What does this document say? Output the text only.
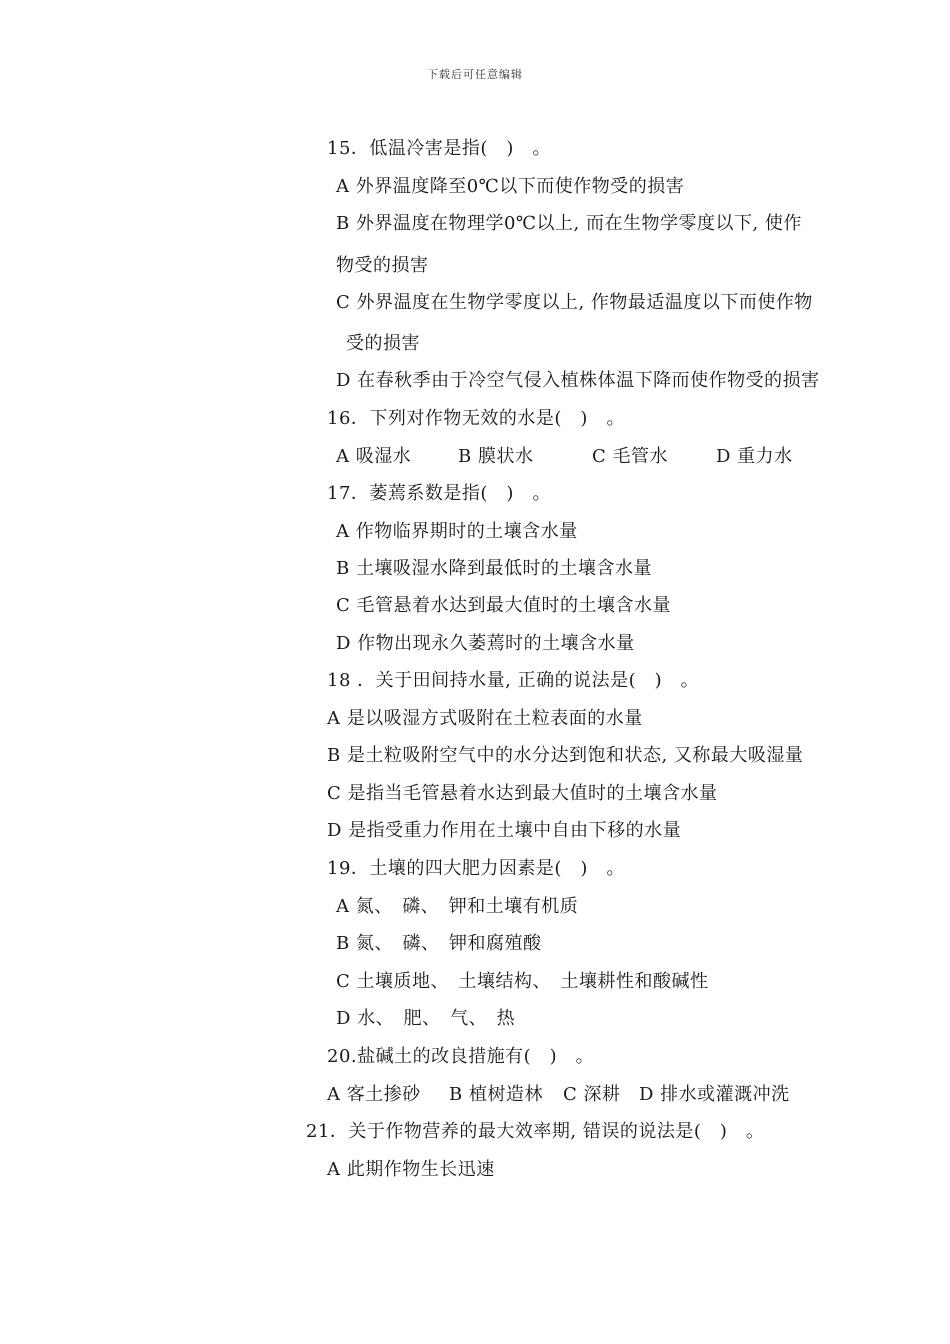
下载后可任意编辑
15．低温冷害是指(　)　。
A 外界温度降至0℃以下而使作物受的损害
B 外界温度在物理学0℃以上, 而在生物学零度以下, 使作
物受的损害
C 外界温度在生物学零度以上, 作物最适温度以下而使作物
受的损害
D 在春秋季由于冷空气侵入植株体温下降而使作物受的损害
16．下列对作物无效的水是(　)　。
A 吸湿水	B 膜状水	C 毛管水	D 重力水
17．萎蔫系数是指(　)　。
A 作物临界期时的土壤含水量
B 土壤吸湿水降到最低时的土壤含水量
C 毛管悬着水达到最大值时的土壤含水量
D 作物出现永久萎蔫时的土壤含水量
18 ．关于田间持水量, 正确的说法是(　)　。
A 是以吸湿方式吸附在土粒表面的水量
B 是土粒吸附空气中的水分达到饱和状态, 又称最大吸湿量
C 是指当毛管悬着水达到最大值时的土壤含水量
D 是指受重力作用在土壤中自由下移的水量
19．土壤的四大肥力因素是(　)　。
A 氮、　磷、　钾和土壤有机质
B 氮、　磷、　钾和腐殖酸
C 土壤质地、　土壤结构、　土壤耕性和酸碱性
D 水、　肥、　气、　热
20.盐碱土的改良措施有(　)　。
A 客土掺砂 B 植树造林 C 深耕 D 排水或灌溉冲洗
21．关于作物营养的最大效率期, 错误的说法是(　)　。
A 此期作物生长迅速
